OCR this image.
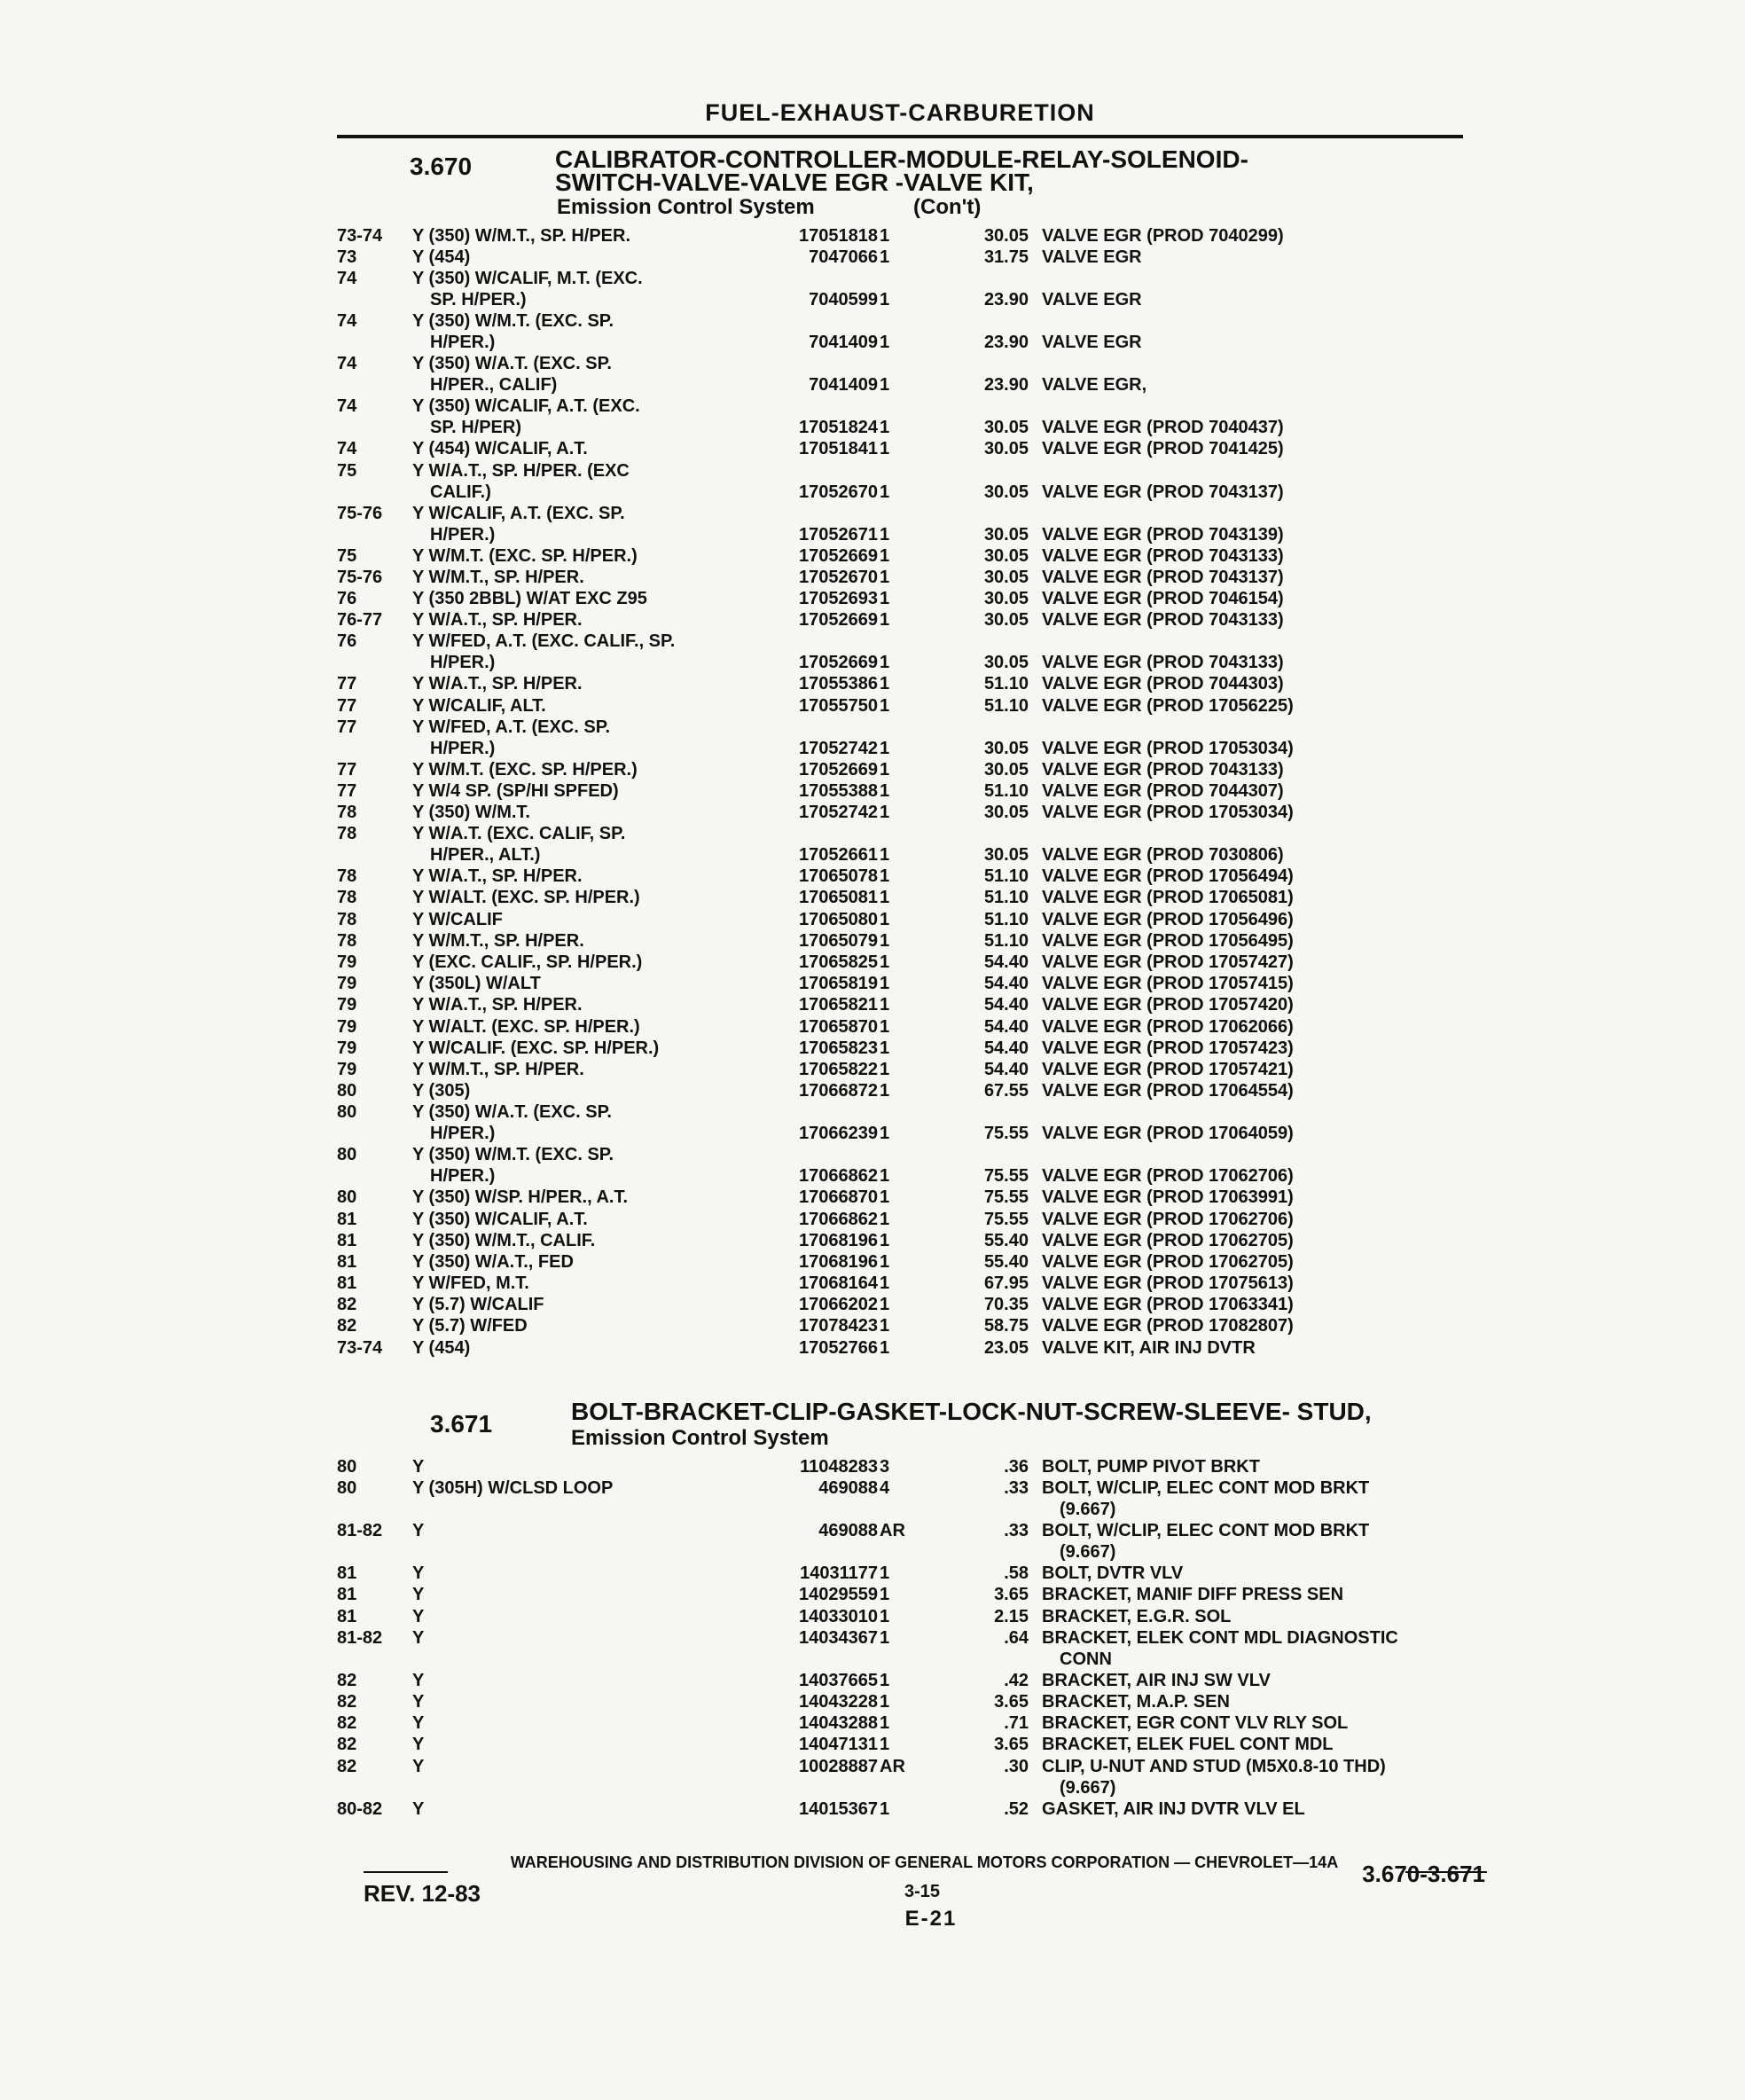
FUEL-EXHAUST-CARBURETION
3.670	CALIBRATOR-CONTROLLER-MODULE-RELAY-SOLENOID-
SWITCH-VALVE-VALVE EGR -VALVE KIT,
Emission Control System	(Con't)
73-74 Y (350) W/M.T., SP. H/PER.	17051818 1	30.05 VALVE EGR (PROD 7040299)
73	Y (454)	7047066 1	31.75 VALVE EGR
74	Y (350) W/CALIF, M.T. (EXC.
SP. H/PER.)	7040599 1	23.90 VALVE EGR
74	Y (350) W/M.T. (EXC. SP.
H/PER.)	7041409 1	23.90 VALVE EGR
74	Y (350) W/A.T. (EXC. SP.
H/PER., CALIF)	7041409 1	23.90 VALVE EGR,
74	Y (350) W/CALIF, A.T. (EXC.
SP. H/PER)	17051824 1	30.05 VALVE EGR (PROD 7040437)
74	Y (454) W/CALIF, A.T.	17051841 1	30.05 VALVE EGR (PROD 7041425)
75	Y W/A.T., SP. H/PER. (EXC
CALIF.)	17052670 1	30.05 VALVE EGR (PROD 7043137)
75-76 Y W/CALIF, A.T. (EXC. SP.
H/PER.)	17052671 1	30.05 VALVE EGR (PROD 7043139)
75	Y W/M.T. (EXC. SP. H/PER.)	17052669 1	30.05 VALVE EGR (PROD 7043133)
75-76 Y W/M.T., SP. H/PER.	17052670 1	30.05 VALVE EGR (PROD 7043137)
76	Y (350 2BBL) W/AT EXC Z95	17052693 1	30.05 VALVE EGR (PROD 7046154)
76-77 Y W/A.T., SP. H/PER.	17052669 1	30.05 VALVE EGR (PROD 7043133)
76	Y W/FED, A.T. (EXC. CALIF., SP.
H/PER.)	17052669 1	30.05 VALVE EGR (PROD 7043133)
77	Y W/A.T., SP. H/PER.	17055386 1	51.10 VALVE EGR (PROD 7044303)
77	Y W/CALIF, ALT.	17055750 1	51.10 VALVE EGR (PROD 17056225)
77	Y W/FED, A.T. (EXC. SP.
H/PER.)	17052742 1	30.05 VALVE EGR (PROD 17053034)
77	Y W/M.T. (EXC. SP. H/PER.)	17052669 1	30.05 VALVE EGR (PROD 7043133)
77	Y W/4 SP. (SP/HI SPFED)	17055388 1	51.10 VALVE EGR (PROD 7044307)
78	Y (350) W/M.T.	17052742 1	30.05 VALVE EGR (PROD 17053034)
78	Y W/A.T. (EXC. CALIF, SP.
H/PER., ALT.)	17052661 1	30.05 VALVE EGR (PROD 7030806)
78	Y W/A.T., SP. H/PER.	17065078 1	51.10 VALVE EGR (PROD 17056494)
78	Y W/ALT. (EXC. SP. H/PER.)	17065081 1	51.10 VALVE EGR (PROD 17065081)
78	Y W/CALIF	17065080 1	51.10 VALVE EGR (PROD 17056496)
78	Y W/M.T., SP. H/PER.	17065079 1	51.10 VALVE EGR (PROD 17056495)
79	Y (EXC. CALIF., SP. H/PER.)	17065825 1	54.40 VALVE EGR (PROD 17057427)
79	Y (350L) W/ALT	17065819 1	54.40 VALVE EGR (PROD 17057415)
79	Y W/A.T., SP. H/PER.	17065821 1	54.40 VALVE EGR (PROD 17057420)
79	Y W/ALT. (EXC. SP. H/PER.)	17065870 1	54.40 VALVE EGR (PROD 17062066)
79	Y W/CALIF. (EXC. SP. H/PER.)	17065823 1	54.40 VALVE EGR (PROD 17057423)
79	Y W/M.T., SP. H/PER.	17065822 1	54.40 VALVE EGR (PROD 17057421)
80	Y (305)	17066872 1	67.55 VALVE EGR (PROD 17064554)
80	Y (350) W/A.T. (EXC. SP.
H/PER.)	17066239 1	75.55 VALVE EGR (PROD 17064059)
80	Y (350) W/M.T. (EXC. SP.
H/PER.)	17066862 1	75.55 VALVE EGR (PROD 17062706)
80	Y (350) W/SP. H/PER., A.T.	17066870 1	75.55 VALVE EGR (PROD 17063991)
81	Y (350) W/CALIF, A.T.	17066862 1	75.55 VALVE EGR (PROD 17062706)
81	Y (350) W/M.T., CALIF.	17068196 1	55.40 VALVE EGR (PROD 17062705)
81	Y (350) W/A.T., FED	17068196 1	55.40 VALVE EGR (PROD 17062705)
81	Y W/FED, M.T.	17068164 1	67.95 VALVE EGR (PROD 17075613)
82	Y (5.7) W/CALIF	17066202 1	70.35 VALVE EGR (PROD 17063341)
82	Y (5.7) W/FED	17078423 1	58.75 VALVE EGR (PROD 17082807)
73-74 Y (454)	17052766 1	23.05 VALVE KIT, AIR INJ DVTR
3.671	BOLT-BRACKET-CLIP-GASKET-LOCK-NUT-SCREW-SLEEVE- STUD,
Emission Control System
80	Y	11048283 3	.36 BOLT, PUMP PIVOT BRKT
80	Y (305H) W/CLSD LOOP	469088 4	.33 BOLT, W/CLIP, ELEC CONT MOD BRKT
(9.667)
81-82 Y	469088 AR	.33 BOLT, W/CLIP, ELEC CONT MOD BRKT
(9.667)
81	Y	14031177 1	.58 BOLT, DVTR VLV
81	Y	14029559 1	3.65 BRACKET, MANIF DIFF PRESS SEN
81	Y	14033010 1	2.15 BRACKET, E.G.R. SOL
81-82 Y	14034367 1	.64 BRACKET, ELEK CONT MDL DIAGNOSTIC
CONN
82	Y	14037665 1	.42 BRACKET, AIR INJ SW VLV
82	Y	14043228 1	3.65 BRACKET, M.A.P. SEN
82	Y	14043288 1	.71 BRACKET, EGR CONT VLV RLY SOL
82	Y	14047131 1	3.65 BRACKET, ELEK FUEL CONT MDL
82	Y	10028887 AR	.30 CLIP, U-NUT AND STUD (M5X0.8-10 THD)
(9.667)
80-82 Y	14015367 1	.52 GASKET, AIR INJ DVTR VLV EL
WAREHOUSING AND DISTRIBUTION DIVISION OF GENERAL MOTORS CORPORATION — CHEVROLET—14A
REV. 12-83	3-15
3.670-3.671
E-21
